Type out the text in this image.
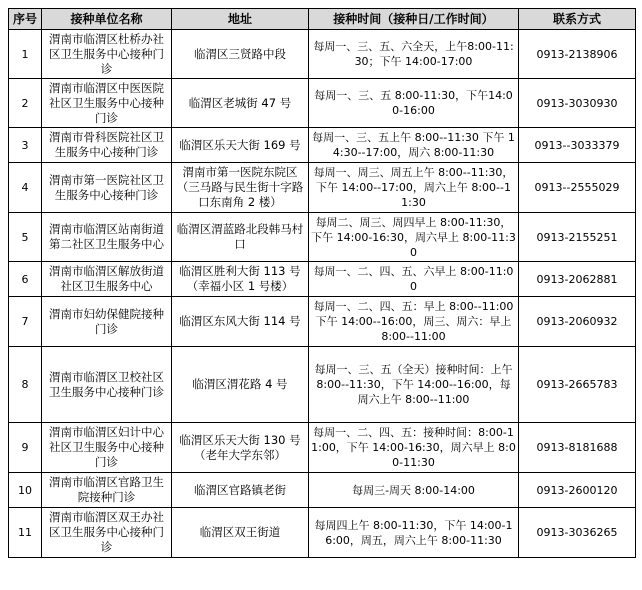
序号	接种单位名称	地址	接种时间（接种日/工作时间）	联系方式
1	渭南市临渭区杜桥办社区卫生服务中心接种门诊	临渭区三贤路中段	每周一、三、五、六全天，上午8:00-11:30；下午 14:00-17:00	0913-2138906
2	渭南市临渭区中医医院社区卫生服务中心接种门诊	临渭区老城街 47 号	每周一、三、五 8:00-11:30，下午14:00-16:00	0913-3030930
3	渭南市骨科医院社区卫生服务中心接种门诊	临渭区乐天大街 169 号	每周一、三、五上午 8:00--11:30 下午 14:30--17:00，周六 8:00-11:30	0913--3033379
4	渭南市第一医院社区卫生服务中心接种门诊	渭南市第一医院东院区（三马路与民生街十字路口东南角 2 楼）	每周一、周三、周五上午 8:00--11:30，下午 14:00--17:00，周六上午 8:00--11:30	0913--2555029
5	渭南市临渭区站南街道第二社区卫生服务中心	临渭区渭蓝路北段韩马村口	每周二、周三、周四早上 8:00-11:30，下午 14:00-16:30，周六早上 8:00-11:30	0913-2155251
6	渭南市临渭区解放街道社区卫生服务中心	临渭区胜利大街 113 号（幸福小区 1 号楼）	每周一、二、四、五、六早上 8:00-11:00	0913-2062881
7	渭南市妇幼保健院接种门诊	临渭区东风大街 114 号	每周一、二、四、五：早上 8:00--11:00 下午 14:00--16:00，周三、周六：早上 8:00--11:00	0913-2060932
8	渭南市临渭区卫校社区卫生服务中心接种门诊	临渭区渭花路 4 号	每周一、三、五（全天）接种时间：上午 8:00--11:30，下午 14:00--16:00，每周六上午 8:00--11:00	0913-2665783
9	渭南市临渭区妇计中心社区卫生服务中心接种门诊	临渭区乐天大街 130 号（老年大学东邻）	每周一、二、四、五：接种时间：8:00-11:00，下午 14:00-16:30，周六早上 8:00-11:30	0913-8181688
10	渭南市临渭区官路卫生院接种门诊	临渭区官路镇老街	每周三-周天 8:00-14:00	0913-2600120
11	渭南市临渭区双王办社区卫生服务中心接种门诊	临渭区双王街道	每周四上午 8:00-11:30，下午 14:00-16:00，周五，周六上午 8:00-11:30	0913-3036265
